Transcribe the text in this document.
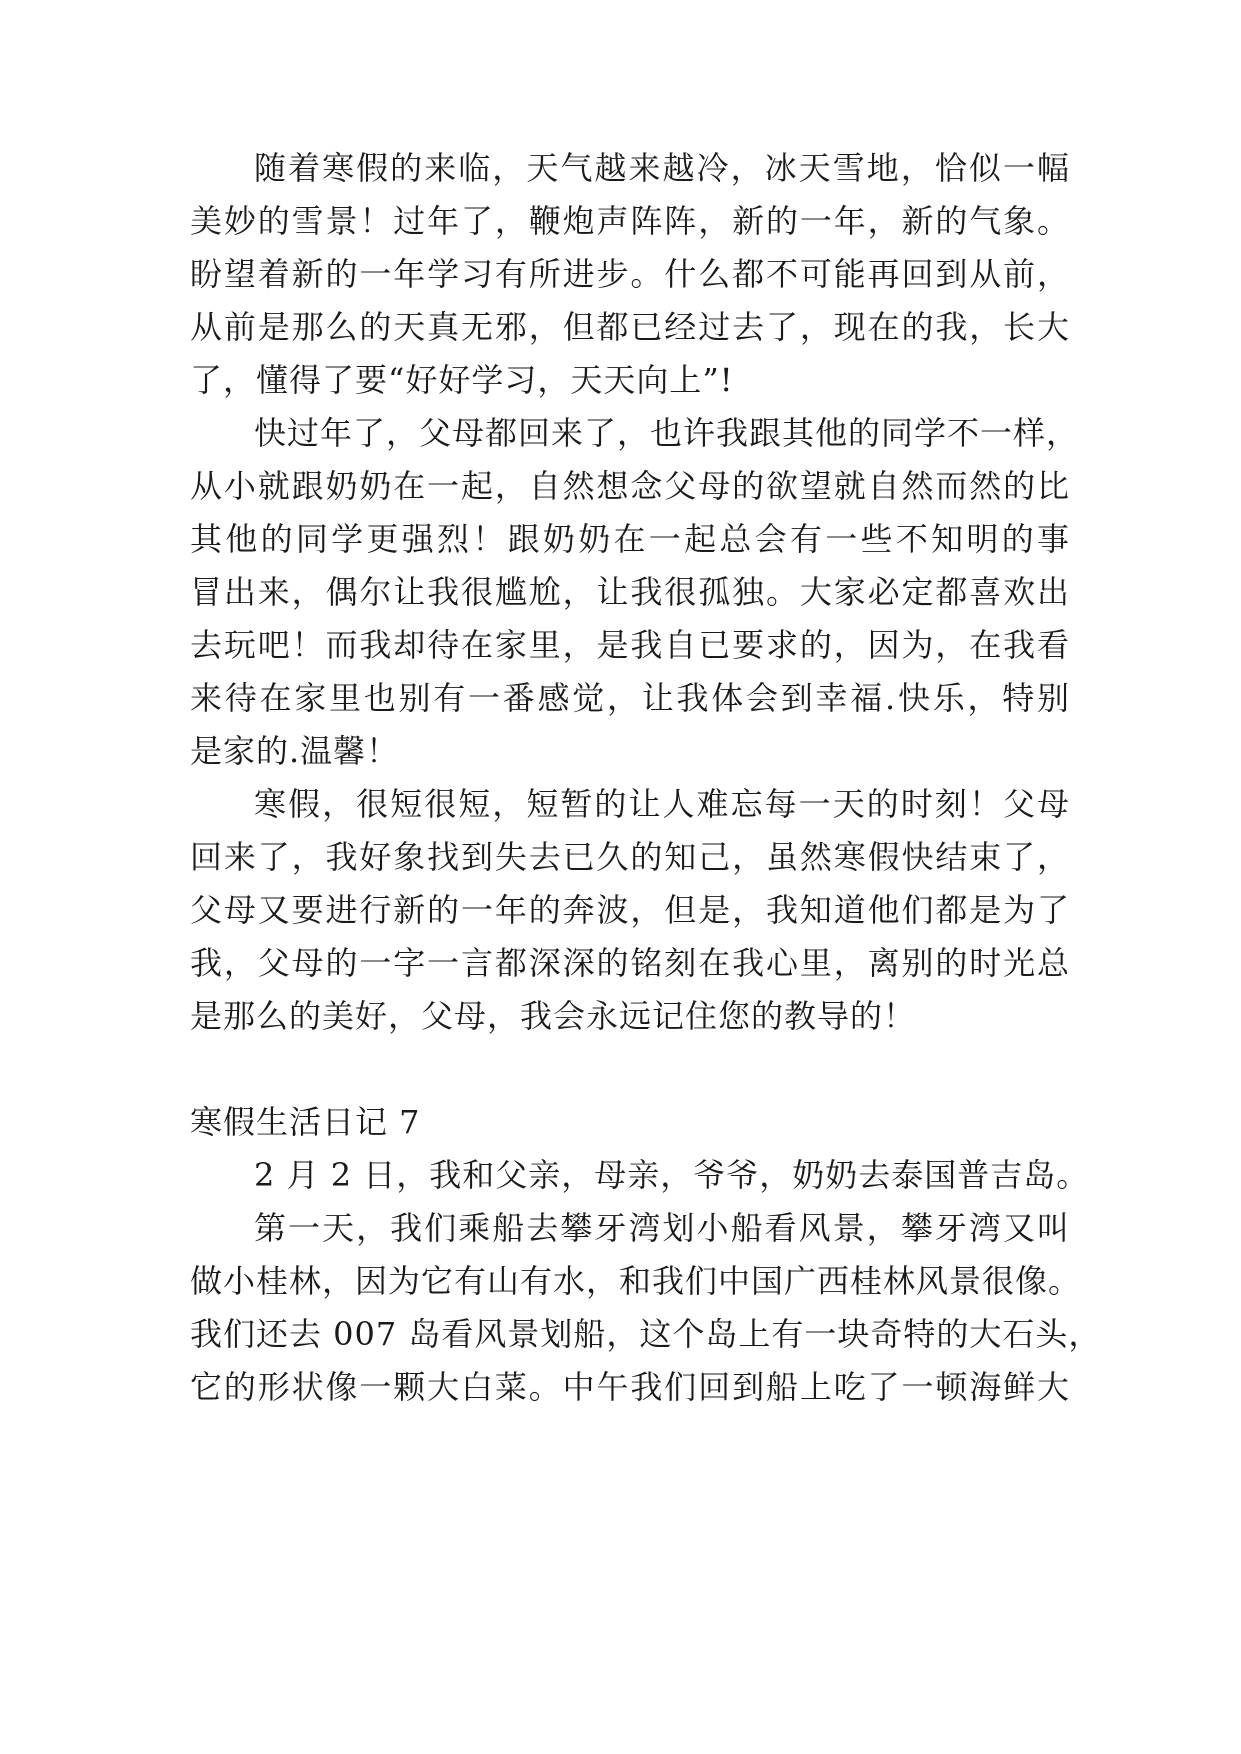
随着寒假的来临，天气越来越冷，冰天雪地，恰似一幅
美妙的雪景！过年了，鞭炮声阵阵，新的一年，新的气象。
盼望着新的一年学习有所进步。什么都不可能再回到从前，
从前是那么的天真无邪，但都已经过去了，现在的我，长大
了，懂得了要“好好学习，天天向上”!
快过年了，父母都回来了，也许我跟其他的同学不一样，
从小就跟奶奶在一起，自然想念父母的欲望就自然而然的比
其他的同学更强烈！跟奶奶在一起总会有一些不知明的事
冒出来，偶尔让我很尴尬，让我很孤独。大家必定都喜欢出
去玩吧！而我却待在家里，是我自已要求的，因为，在我看
来待在家里也别有一番感觉，让我体会到幸福.快乐，特别
是家的.温馨！
寒假，很短很短，短暂的让人难忘每一天的时刻！父母
回来了，我好象找到失去已久的知己，虽然寒假快结束了，
父母又要进行新的一年的奔波，但是，我知道他们都是为了
我，父母的一字一言都深深的铭刻在我心里，离别的时光总
是那么的美好，父母，我会永远记住您的教导的！
寒假生活日记 7
2 月 2 日，我和父亲，母亲，爷爷，奶奶去泰国普吉岛。
第一天，我们乘船去攀牙湾划小船看风景，攀牙湾又叫
做小桂林，因为它有山有水，和我们中国广西桂林风景很像。
我们还去 007 岛看风景划船，这个岛上有一块奇特的大石头，
它的形状像一颗大白菜。中午我们回到船上吃了一顿海鲜大
